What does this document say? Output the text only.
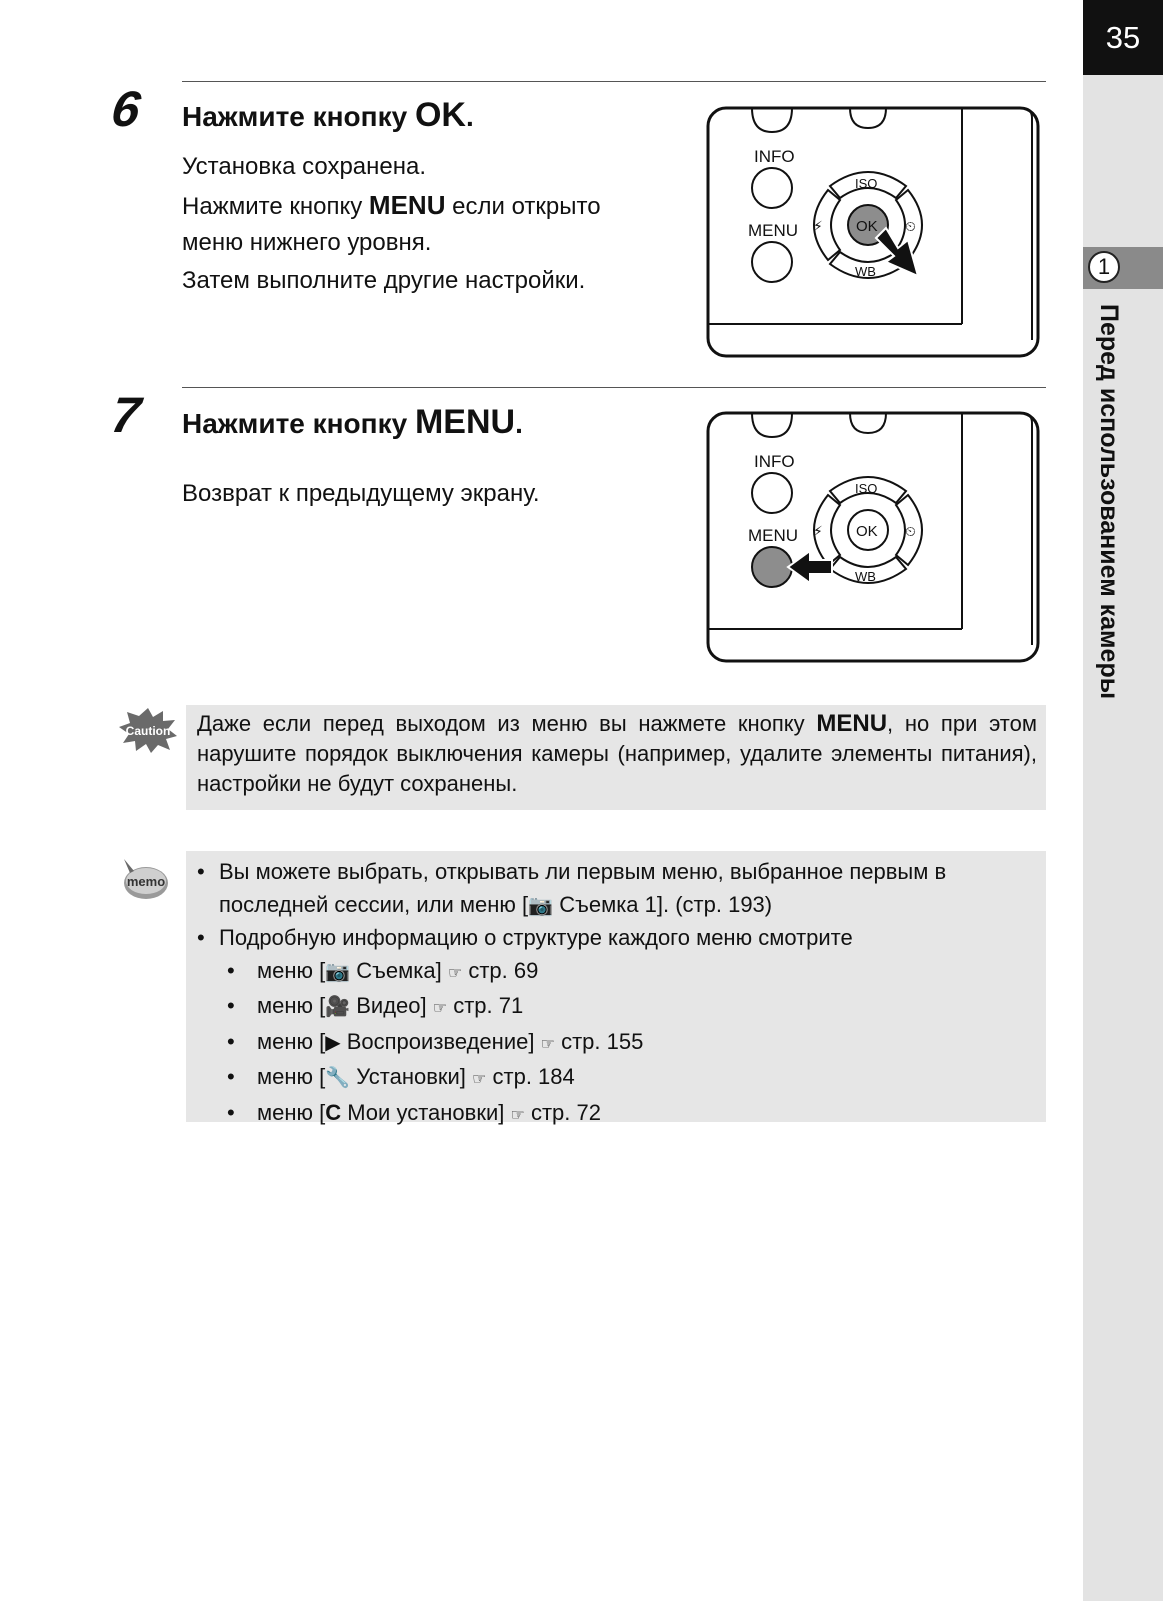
35
1
Перед использованием камеры
6 Нажмите кнопку OK.
Установка сохранена.
Нажмите кнопку MENU если открыто
меню нижнего уровня.
Затем выполните другие настройки.
INFO
MENU
ISO
WB
⚡	⏲
OK
7 Нажмите кнопку MENU.
Возврат к предыдущему экрану.
INFO
MENU
ISO
WB
⚡	⏲
OK
Caution Даже если перед выходом из меню вы нажмете кнопку MENU, но при этом нарушите порядок выключения камеры (например, удалите элементы питания), настройки не будут сохранены.
memo • Вы можете выбрать, открывать ли первым меню, выбранное первым в последней сессии, или меню [📷 Съемка 1]. (стр. 193)
• Подробную информацию о структуре каждого меню смотрите
•	меню [📷 Съемка] ☞ стр. 69
•	меню [🎥 Видео] ☞ стр. 71
•	меню [▶ Воспроизведение] ☞ стр. 155
•	меню [🔧 Установки] ☞ стр. 184
•	меню [C Мои установки] ☞ стр. 72
